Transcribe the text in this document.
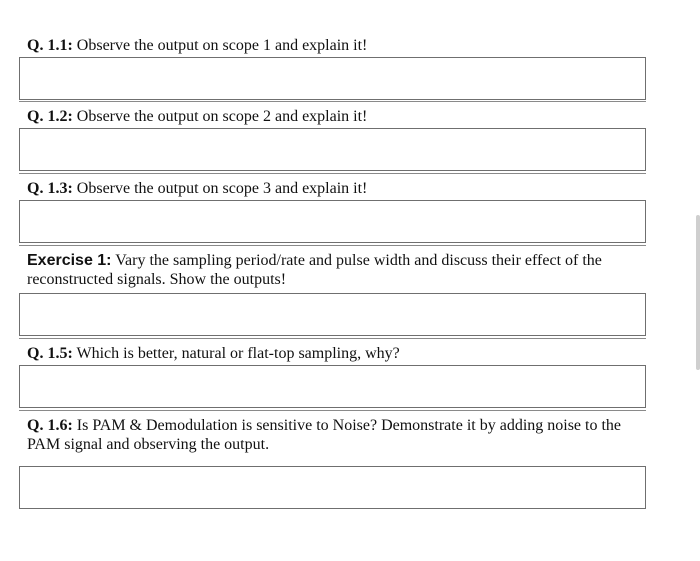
Q. 1.1: Observe the output on scope 1 and explain it!
Q. 1.2: Observe the output on scope 2 and explain it!
Q. 1.3: Observe the output on scope 3 and explain it!
Exercise 1: Vary the sampling period/rate and pulse width and discuss their effect of the reconstructed signals. Show the outputs!
Q. 1.5: Which is better, natural or flat-top sampling, why?
Q. 1.6: Is PAM & Demodulation is sensitive to Noise? Demonstrate it by adding noise to the PAM signal and observing the output.
